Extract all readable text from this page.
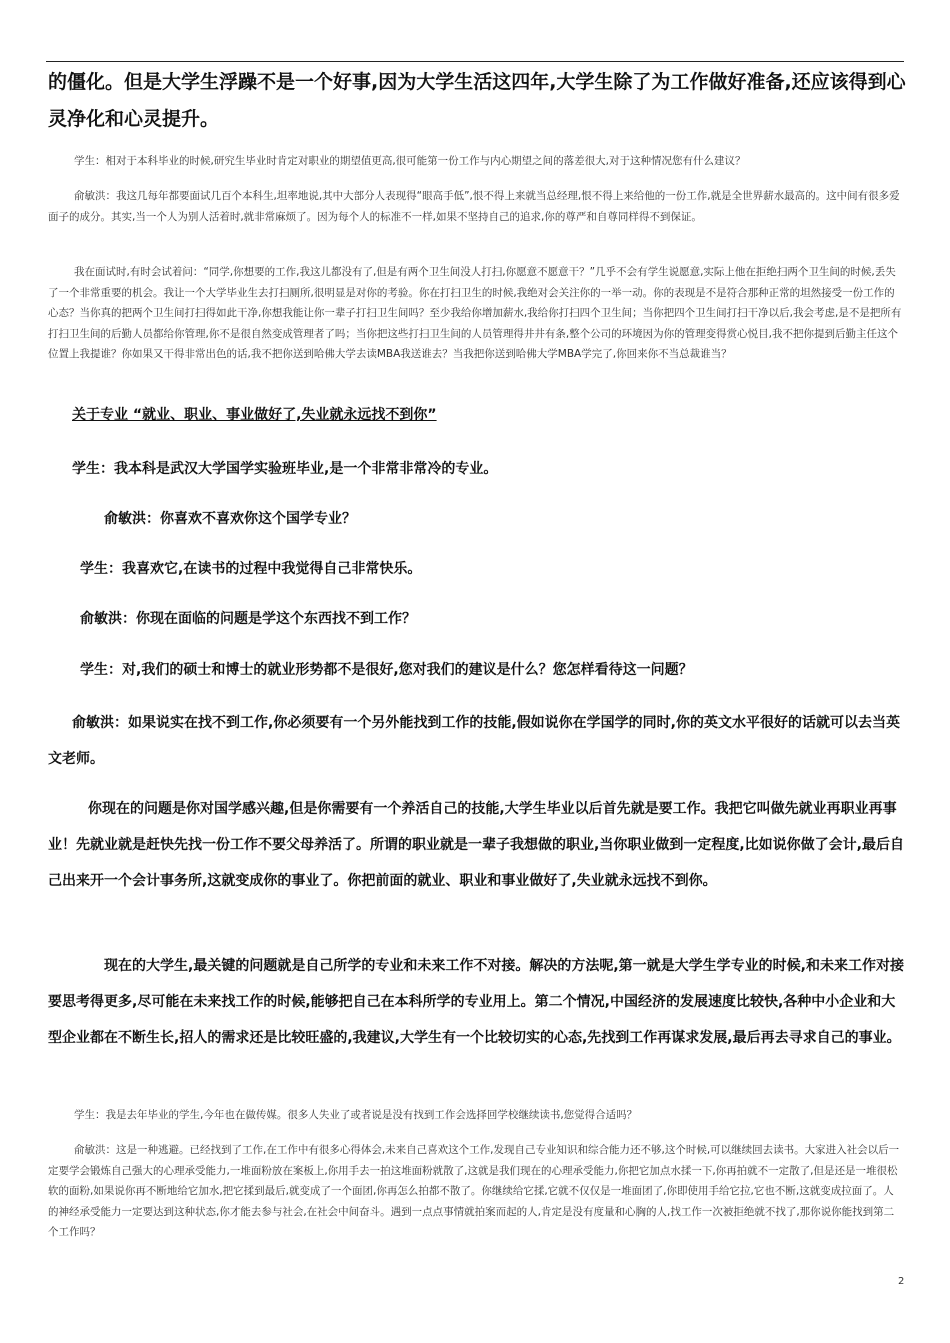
的僵化。但是大学生浮躁不是一个好事,因为大学生活这四年,大学生除了为工作做好准备,还应该得到心灵净化和心灵提升。

学生：相对于本科毕业的时候,研究生毕业时肯定对职业的期望值更高,很可能第一份工作与内心期望之间的落差很大,对于这种情况您有什么建议？

俞敏洪：我这几每年都要面试几百个本科生,坦率地说,其中大部分人表现得“眼高手低”,恨不得上来就当总经理,恨不得上来给他的一份工作,就是全世界薪水最高的。这中间有很多爱面子的成分。其实,当一个人为别人活着时,就非常麻烦了。因为每个人的标准不一样,如果不坚持自己的追求,你的尊严和自尊同样得不到保证。

我在面试时,有时会试着问：“同学,你想要的工作,我这儿都没有了,但是有两个卫生间没人打扫,你愿意不愿意干？”几乎不会有学生说愿意,实际上他在拒绝扫两个卫生间的时候,丢失了一个非常重要的机会。我让一个大学毕业生去打扫厕所,很明显是对你的考验。你在打扫卫生的时候,我绝对会关注你的一举一动。你的表现是不是符合那种正常的坦然接受一份工作的心态？当你真的把两个卫生间打扫得如此干净,你想我能让你一辈子打扫卫生间吗？至少我给你增加薪水,我给你打扫四个卫生间；当你把四个卫生间打扫干净以后,我会考虑,是不是把所有打扫卫生间的后勤人员都给你管理,你不是很自然变成管理者了吗；当你把这些打扫卫生间的人员管理得井井有条,整个公司的环境因为你的管理变得赏心悦目,我不把你提到后勤主任这个位置上我提谁？你如果又干得非常出色的话,我不把你送到哈佛大学去读MBA我送谁去？当我把你送到哈佛大学MBA学完了,你回来你不当总裁谁当？

关于专业 “就业、职业、事业做好了,失业就永远找不到你”

学生：我本科是武汉大学国学实验班毕业,是一个非常非常冷的专业。

俞敏洪：你喜欢不喜欢你这个国学专业？

学生：我喜欢它,在读书的过程中我觉得自己非常快乐。

俞敏洪：你现在面临的问题是学这个东西找不到工作？

学生：对,我们的硕士和博士的就业形势都不是很好,您对我们的建议是什么？您怎样看待这一问题？

俞敏洪：如果说实在找不到工作,你必须要有一个另外能找到工作的技能,假如说你在学国学的同时,你的英文水平很好的话就可以去当英文老师。

你现在的问题是你对国学感兴趣,但是你需要有一个养活自己的技能,大学生毕业以后首先就是要工作。我把它叫做先就业再职业再事业！先就业就是赶快先找一份工作不要父母养活了。所谓的职业就是一辈子我想做的职业,当你职业做到一定程度,比如说你做了会计,最后自己出来开一个会计事务所,这就变成你的事业了。你把前面的就业、职业和事业做好了,失业就永远找不到你。

现在的大学生,最关键的问题就是自己所学的专业和未来工作不对接。解决的方法呢,第一就是大学生学专业的时候,和未来工作对接要思考得更多,尽可能在未来找工作的时候,能够把自己在本科所学的专业用上。第二个情况,中国经济的发展速度比较快,各种中小企业和大型企业都在不断生长,招人的需求还是比较旺盛的,我建议,大学生有一个比较切实的心态,先找到工作再谋求发展,最后再去寻求自己的事业。

学生：我是去年毕业的学生,今年也在做传媒。很多人失业了或者说是没有找到工作会选择回学校继续读书,您觉得合适吗？

俞敏洪：这是一种逃避。已经找到了工作,在工作中有很多心得体会,未来自己喜欢这个工作,发现自己专业知识和综合能力还不够,这个时候,可以继续回去读书。大家进入社会以后一定要学会锻炼自己强大的心理承受能力,一堆面粉放在案板上,你用手去一拍这堆面粉就散了,这就是我们现在的心理承受能力,你把它加点水揉一下,你再拍就不一定散了,但是还是一堆很松软的面粉,如果说你再不断地给它加水,把它揉到最后,就变成了一个面团,你再怎么拍都不散了。你继续给它揉,它就不仅仅是一堆面团了,你即使用手给它拉,它也不断,这就变成拉面了。人的神经承受能力一定要达到这种状态,你才能去参与社会,在社会中间奋斗。遇到一点点事情就拍案而起的人,肯定是没有度量和心胸的人,找工作一次被拒绝就不找了,那你说你能找到第二个工作吗？

2
